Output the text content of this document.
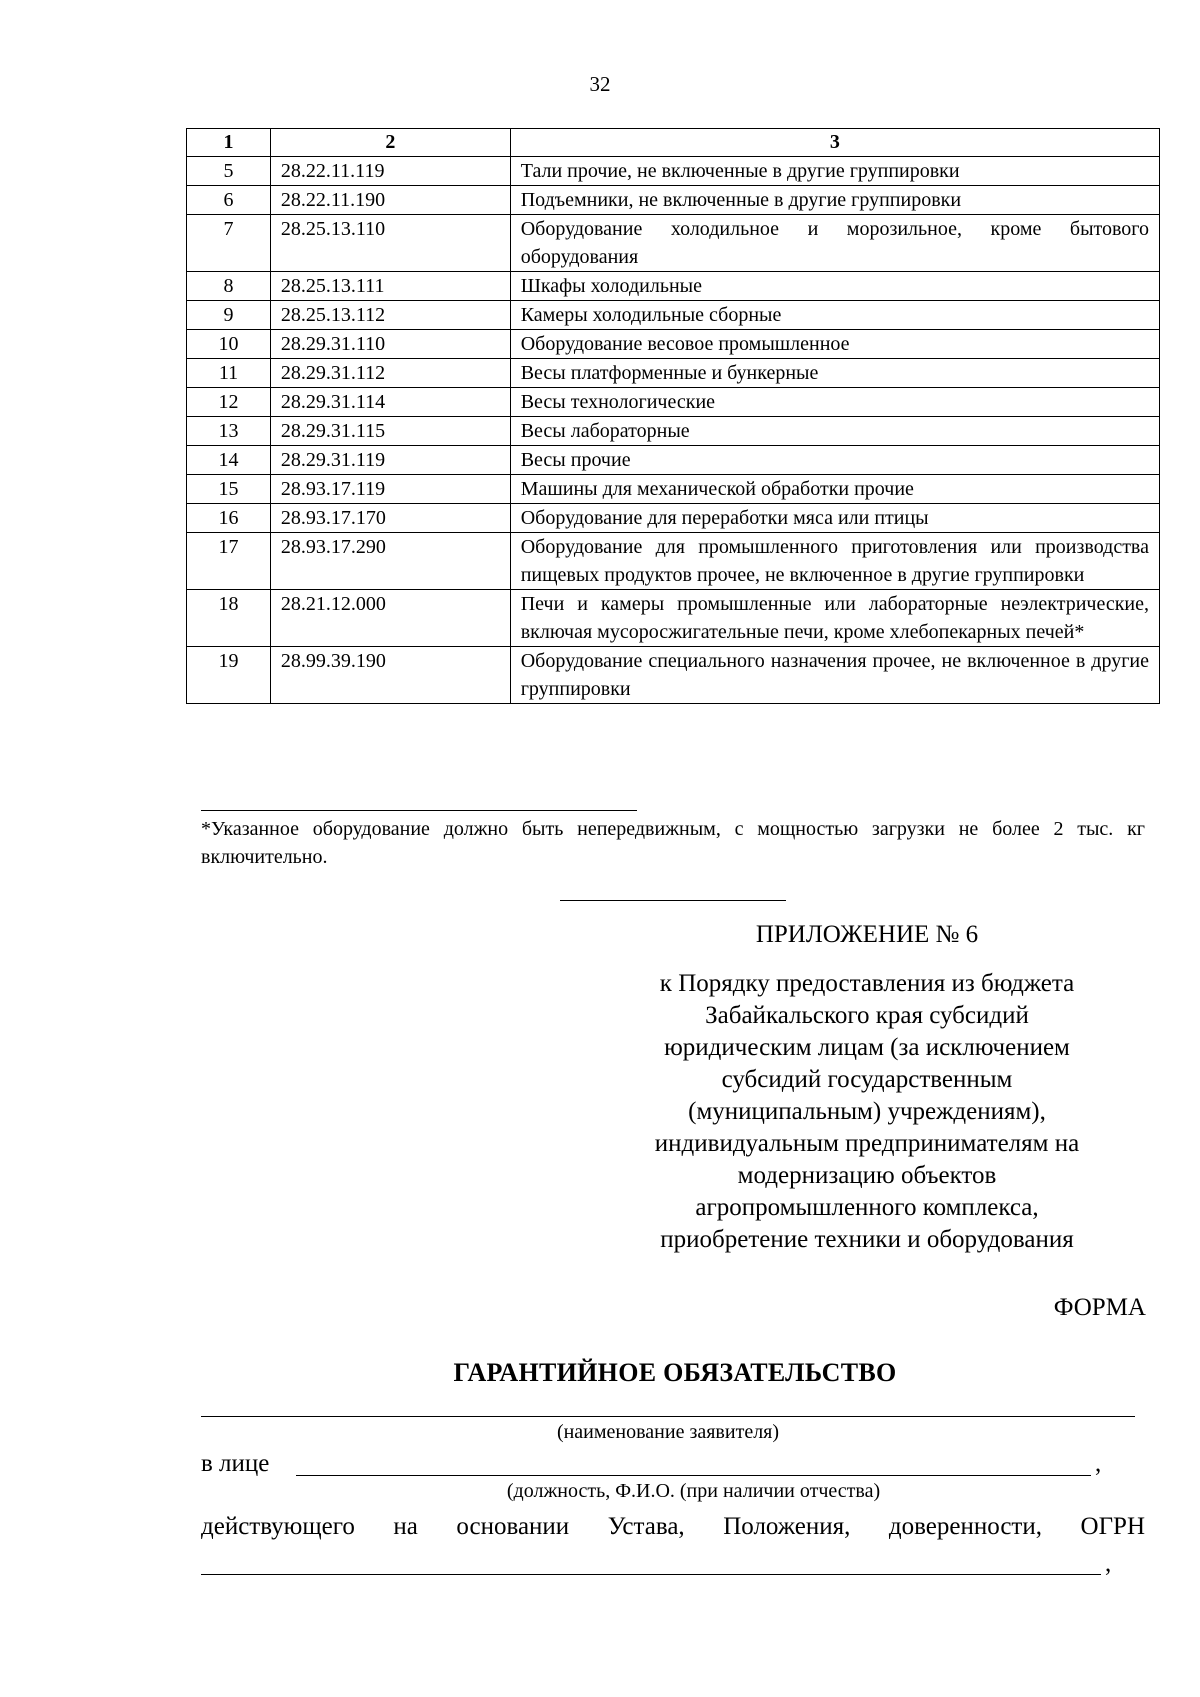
32
1	2	3
5	28.22.11.119	Тали прочие, не включенные в другие группировки
6	28.22.11.190	Подъемники, не включенные в другие группировки
7	28.25.13.110	Оборудование холодильное и морозильное, кроме бытового оборудования
8	28.25.13.111	Шкафы холодильные
9	28.25.13.112	Камеры холодильные сборные
10	28.29.31.110	Оборудование весовое промышленное
11	28.29.31.112	Весы платформенные и бункерные
12	28.29.31.114	Весы технологические
13	28.29.31.115	Весы лабораторные
14	28.29.31.119	Весы прочие
15	28.93.17.119	Машины для механической обработки прочие
16	28.93.17.170	Оборудование для переработки мяса или птицы
17	28.93.17.290	Оборудование для промышленного приготовления или производства пищевых продуктов прочее, не включенное в другие группировки
18	28.21.12.000	Печи и камеры промышленные или лабораторные неэлектрические, включая мусоросжигательные печи, кроме хлебопекарных печей*
19	28.99.39.190	Оборудование специального назначения прочее, не включенное в другие группировки
*Указанное оборудование должно быть непередвижным, с мощностью загрузки не более 2 тыс. кг включительно.
ПРИЛОЖЕНИЕ № 6
к Порядку предоставления из бюджета
Забайкальского края субсидий
юридическим лицам (за исключением
субсидий государственным
(муниципальным) учреждениям),
индивидуальным предпринимателям на
модернизацию объектов
агропромышленного комплекса,
приобретение техники и оборудования
ФОРМА
ГАРАНТИЙНОЕ ОБЯЗАТЕЛЬСТВО
(наименование заявителя)
в лице	,
(должность, Ф.И.О. (при наличии отчества)
действующего на основании Устава, Положения, доверенности, ОГРН
,
